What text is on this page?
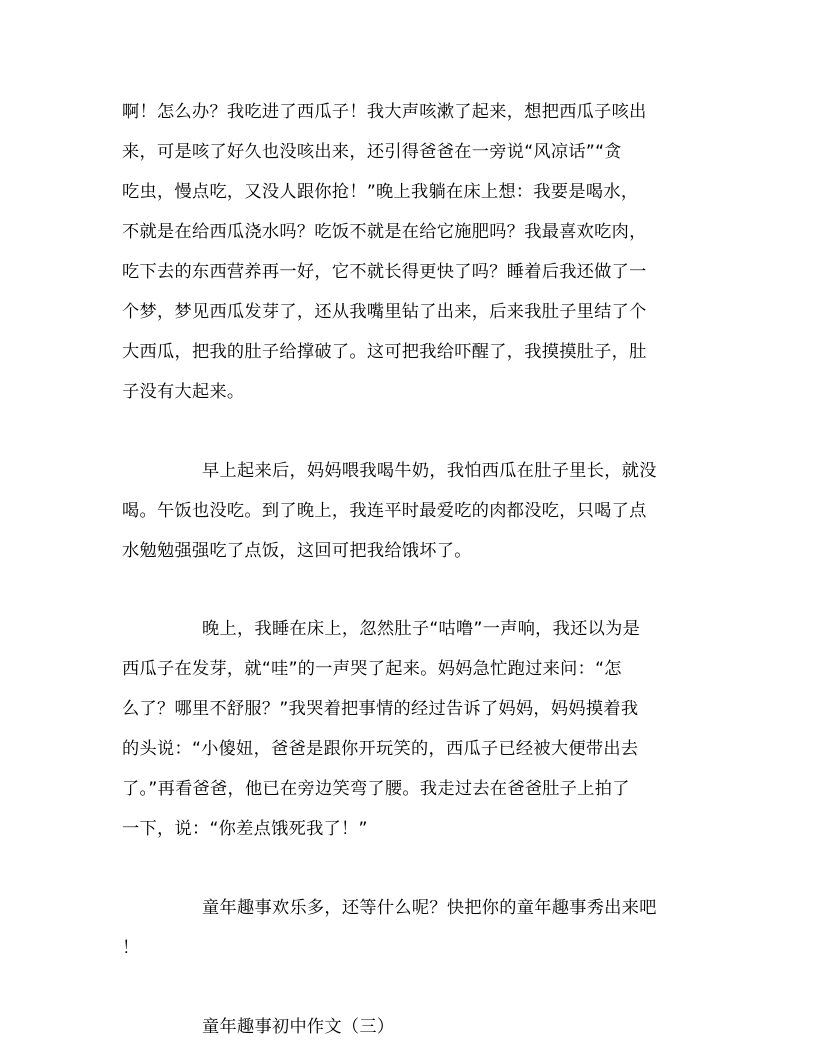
啊！怎么办？我吃进了西瓜子！我大声咳漱了起来，想把西瓜子咳出
来，可是咳了好久也没咳出来，还引得爸爸在一旁说“风凉话”“贪
吃虫，慢点吃，又没人跟你抢！”晚上我躺在床上想：我要是喝水，
不就是在给西瓜浇水吗？吃饭不就是在给它施肥吗？我最喜欢吃肉，
吃下去的东西营养再一好，它不就长得更快了吗？睡着后我还做了一
个梦，梦见西瓜发芽了，还从我嘴里钻了出来，后来我肚子里结了个
大西瓜，把我的肚子给撑破了。这可把我给吓醒了，我摸摸肚子，肚
子没有大起来。
早上起来后，妈妈喂我喝牛奶，我怕西瓜在肚子里长，就没
喝。午饭也没吃。到了晚上，我连平时最爱吃的肉都没吃，只喝了点
水勉勉强强吃了点饭，这回可把我给饿坏了。
晚上，我睡在床上，忽然肚子“咕噜”一声响，我还以为是
西瓜子在发芽，就“哇”的一声哭了起来。妈妈急忙跑过来问：“怎
么了？哪里不舒服？”我哭着把事情的经过告诉了妈妈，妈妈摸着我
的头说：“小傻妞，爸爸是跟你开玩笑的，西瓜子已经被大便带出去
了。”再看爸爸，他已在旁边笑弯了腰。我走过去在爸爸肚子上拍了
一下，说：“你差点饿死我了！”
童年趣事欢乐多，还等什么呢？快把你的童年趣事秀出来吧
！
童年趣事初中作文（三）
